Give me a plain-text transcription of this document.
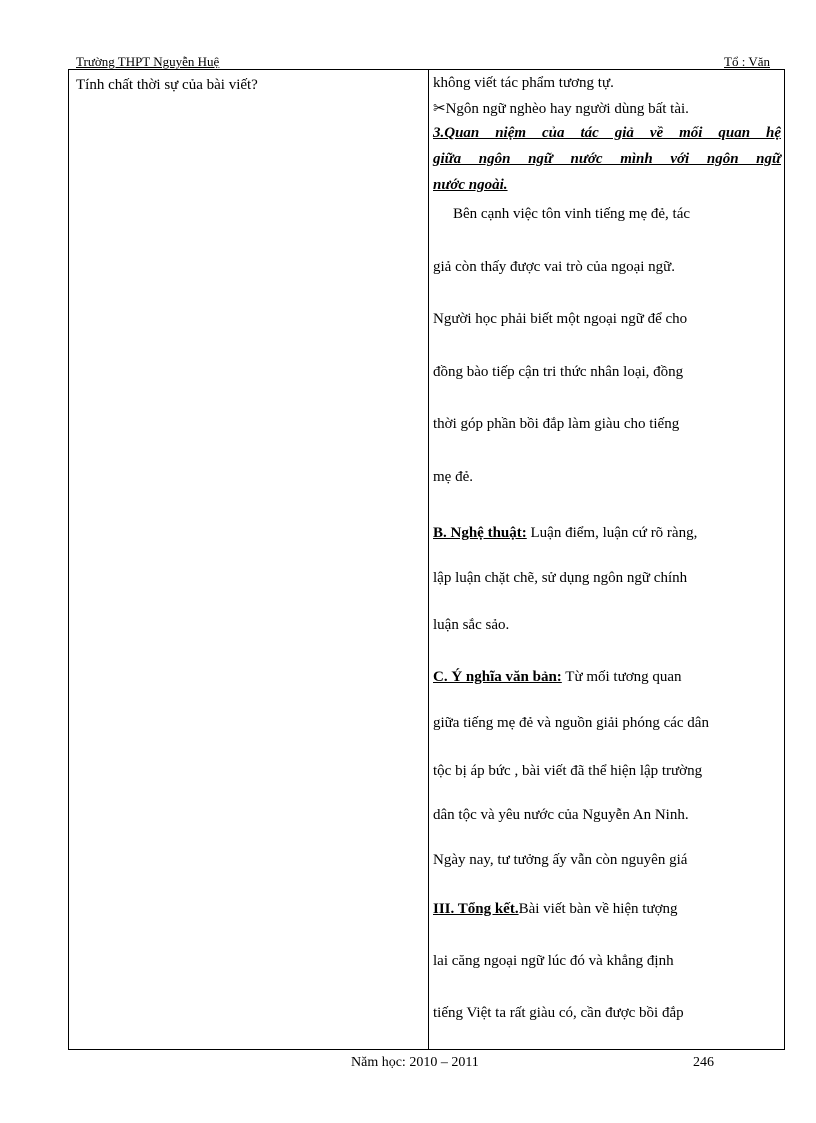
Trường THPT Nguyễn Huệ	Tổ : Văn
Tính chất thời sự của bài viết?	không viết tác phẩm tương tự.
✂Ngôn ngữ nghèo hay người dùng bất tài.
3.Quan niệm của tác giả về mối quan hệ
giữa ngôn ngữ nước mình với ngôn ngữ
nước ngoài.
Bên cạnh việc tôn vinh tiếng mẹ đẻ, tác
giả còn thấy được vai trò của ngoại ngữ.
Người học phải biết một ngoại ngữ để cho
đồng bào tiếp cận tri thức nhân loại, đồng
thời góp phần bồi đắp làm giàu cho tiếng
mẹ đẻ.
B. Nghệ thuật: Luận điểm, luận cứ rõ ràng,
lập luận chặt chẽ, sử dụng ngôn ngữ chính
luận sắc sảo.
C. Ý nghĩa văn bản: Từ mối tương quan
giữa tiếng mẹ đẻ và nguồn giải phóng các dân
tộc bị áp bức , bài viết đã thể hiện lập trường
dân tộc và yêu nước của Nguyễn An Ninh.
Ngày nay, tư tưởng ấy vẫn còn nguyên giá
III. Tổng kết.Bài viết bàn về hiện tượng
lai căng ngoại ngữ lúc đó và khẳng định
tiếng Việt ta rất giàu có, cần được bồi đắp
Năm học: 2010 – 2011	246
